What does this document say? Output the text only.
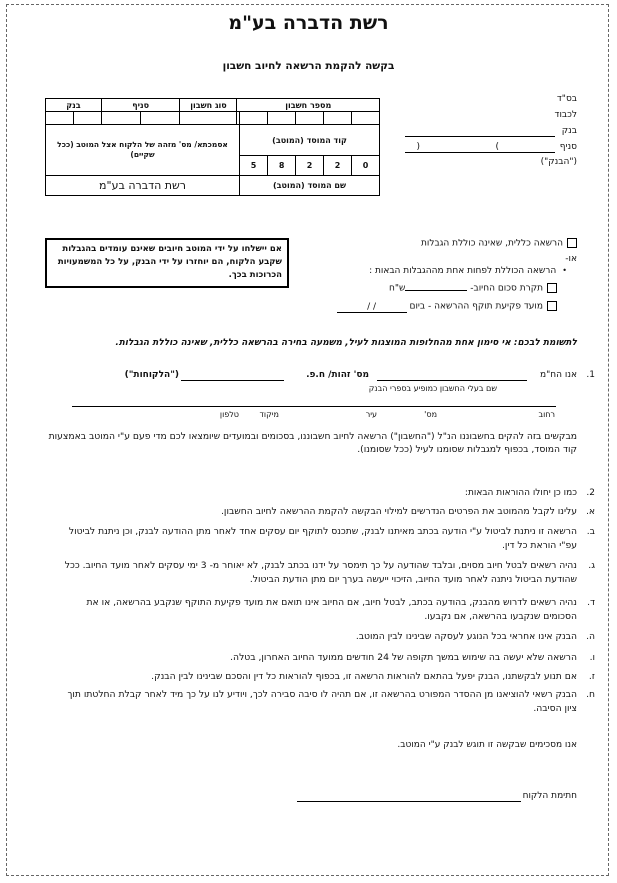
רשת הדברה בע"מ
בקשה להקמת הרשאה לחיוב חשבון
בס"ד
לכבוד
בנק
סניף
(	)
("הבנק")
מספר חשבון						סוג חשבון	סניף		בנק	

קוד המוסד (המוטב)					אסמכתא/ מס' מזהה של הלקוח אצל המוטב (ככל שקיים)					
0	2	2	8	5						
שם המוסד (המוטב)					רשת הדברה בע"מ					
הרשאה כללית, שאינה כוללת הגבלות
או-
•הרשאה הכוללת לפחות אחת מההגבלות הבאות :
תקרת סכום החיוב- ש"ח
מועד פקיעת תוקף ההרשאה - ביום / /
אם יישלחו על ידי המוטב חיובים שאינם עומדים בהגבלות שקבע הלקוח, הם יוחזרו על ידי הבנק, על כל המשמעויות הכרוכות בכך.
לתשומת לבכם: אי סימון אחת מהחלופות המוצגות לעיל, משמעה בחירה בהרשאה כללית, שאינה כוללת הגבלות.
1.
אנו הח"מ
מס' זהות/ ח.פ.
("הלקוחות")
שם בעלי החשבון כמופיע בספרי הבנק
רחוב
מס'
עיר
מיקוד
טלפון
מבקשים בזה להקים בחשבוננו הנ"ל ("החשבון") הרשאה לחיוב חשבוננו, בסכומים ובמועדים שיומצאו לכם מדי פעם ע"י המוטב באמצעות קוד המוסד, בכפוף למגבלות שסומנו לעיל (ככל שסומנו).
2.
כמו כן יחולו ההוראות הבאות:
א.
עלינו לקבל מהמוטב את הפרטים הנדרשים למילוי הבקשה להקמת ההרשאה לחיוב החשבון.
ב.
הרשאה זו ניתנת לביטול ע"י הודעה בכתב מאיתנו לבנק, שתכנס לתוקף יום עסקים אחד לאחר מתן ההודעה לבנק, וכן ניתנת לביטול עפ"י הוראת כל דין.
ג.
נהיה רשאים לבטל חיוב מסוים, ובלבד שהודעה על כך תימסר על ידנו בכתב לבנק, לא יאוחר מ- 3 ימי עסקים לאחר מועד החיוב. ככל שהודעת הביטול ניתנה לאחר מועד החיוב, הזיכוי ייעשה בערך יום מתן הודעת הביטול.
ד.
נהיה רשאים לדרוש מהבנק, בהודעה בכתב, לבטל חיוב, אם החיוב אינו תואם את מועד פקיעת התוקף שנקבע בהרשאה, או את הסכומים שנקבעו בהרשאה, אם נקבעו.
ה.
הבנק אינו אחראי בכל הנוגע לעסקה שבינינו לבין המוטב.
ו.
הרשאה שלא יעשה בה שימוש במשך תקופה של 24 חודשים ממועד החיוב האחרון, בטלה.
ז.
אם תנוע לבקשתנו, הבנק יפעל בהתאם להוראות הרשאה זו, בכפוף להוראות כל דין והסכם שבינינו לבין הבנק.
ח.
הבנק רשאי להוציאנו מן ההסדר המפורט בהרשאה זו, אם תהיה לו סיבה סבירה לכך, ויודיע לנו על כך מיד לאחר קבלת החלטתו תוך ציון הסיבה.
אנו מסכימים שבקשה זו תוגש לבנק ע"י המוטב.
חתימת הלקוח
